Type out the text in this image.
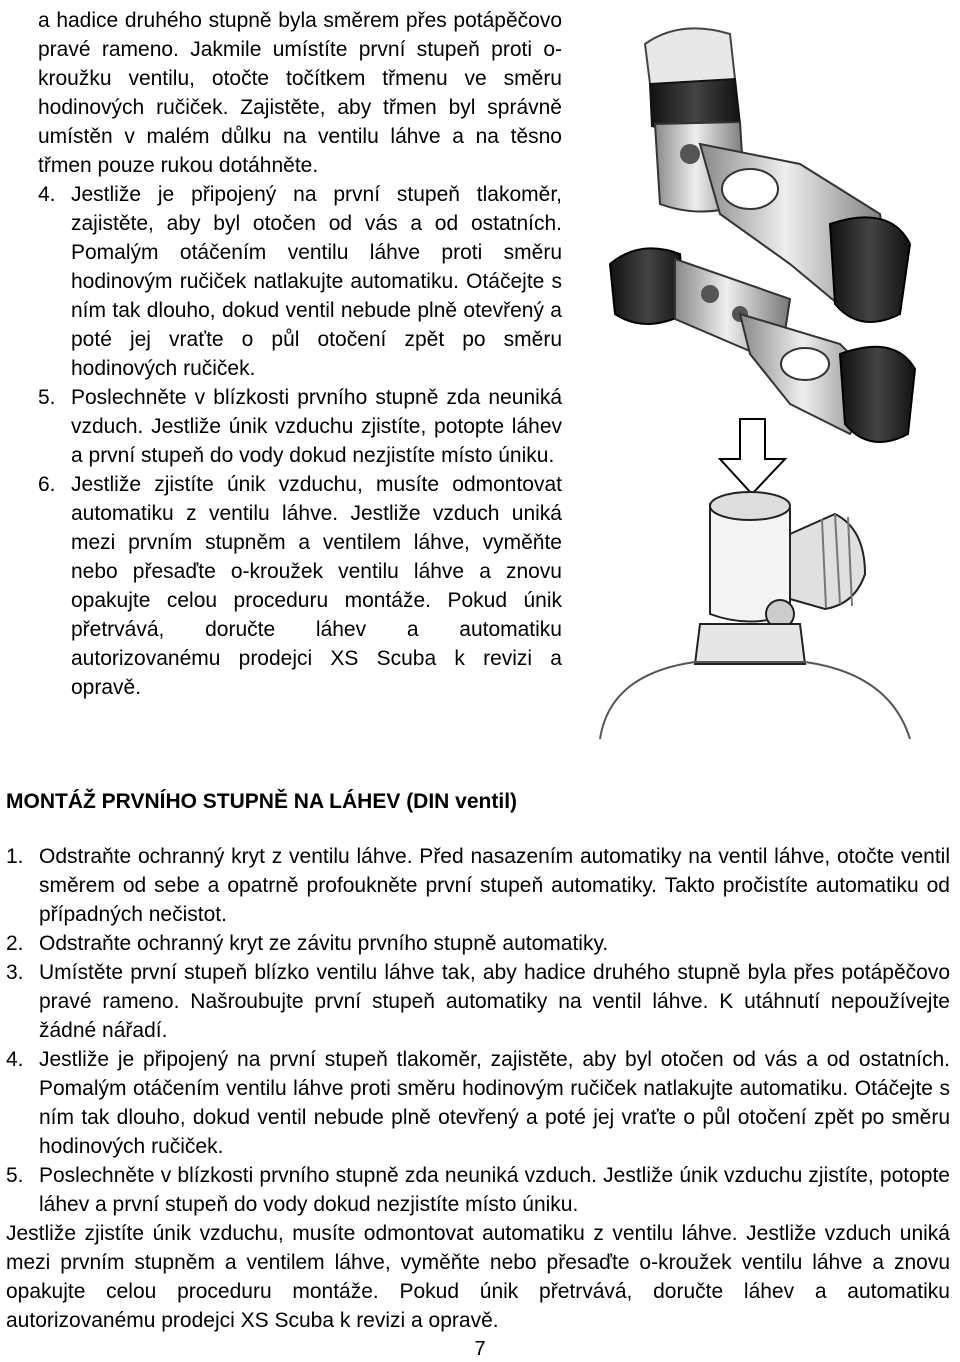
a hadice druhého stupně byla směrem přes potápěčovo pravé rameno. Jakmile umístíte první stupeň proti o-kroužku ventilu, otočte točítkem třmenu ve směru hodinových ručiček. Zajistěte, aby třmen byl správně umístěn v malém důlku na ventilu láhve a na těsno třmen pouze rukou dotáhněte.

4. Jestliže je připojený na první stupeň tlakoměr, zajistěte, aby byl otočen od vás a od ostatních. Pomalým otáčením ventilu láhve proti směru hodinovým ručiček natlakujte automatiku. Otáčejte s ním tak dlouho, dokud ventil nebude plně otevřený a poté jej vraťte o půl otočení zpět po směru hodinových ručiček.
5. Poslechněte v blízkosti prvního stupně zda neuniká vzduch. Jestliže únik vzduchu zjistíte, potopte láhev a první stupeň do vody dokud nezjistíte místo úniku.
6. Jestliže zjistíte únik vzduchu, musíte odmontovat automatiku z ventilu láhve. Jestliže vzduch uniká mezi prvním stupněm a ventilem láhve, vyměňte nebo přesaďte o-kroužek ventilu láhve a znovu opakujte celou proceduru montáže. Pokud únik přetrvává, doručte láhev a automatiku autorizovanému prodejci XS Scuba k revizi a opravě.
MONTÁŽ PRVNÍHO STUPNĚ NA LÁHEV (DIN ventil)
1. Odstraňte ochranný kryt z ventilu láhve. Před nasazením automatiky na ventil láhve, otočte ventil směrem od sebe a opatrně profoukněte první stupeň automatiky. Takto pročistíte automatiku od případných nečistot.
2. Odstraňte ochranný kryt ze závitu prvního stupně automatiky.
3. Umístěte první stupeň blízko ventilu láhve tak, aby hadice druhého stupně byla přes potápěčovo pravé rameno. Našroubujte první stupeň automatiky na ventil láhve. K utáhnutí nepoužívejte žádné nářadí.
4. Jestliže je připojený na první stupeň tlakoměr, zajistěte, aby byl otočen od vás a od ostatních. Pomalým otáčením ventilu láhve proti směru hodinovým ručiček natlakujte automatiku. Otáčejte s ním tak dlouho, dokud ventil nebude plně otevřený a poté jej vraťte o půl otočení zpět po směru hodinových ručiček.
5. Poslechněte v blízkosti prvního stupně zda neuniká vzduch. Jestliže únik vzduchu zjistíte, potopte láhev a první stupeň do vody dokud nezjistíte místo úniku.

Jestliže zjistíte únik vzduchu, musíte odmontovat automatiku z ventilu láhve. Jestliže vzduch uniká mezi prvním stupněm a ventilem láhve, vyměňte nebo přesaďte o-kroužek ventilu láhve a znovu opakujte celou proceduru montáže. Pokud únik přetrvává, doručte láhev a automatiku autorizovanému prodejci XS Scuba k revizi a opravě.

7
